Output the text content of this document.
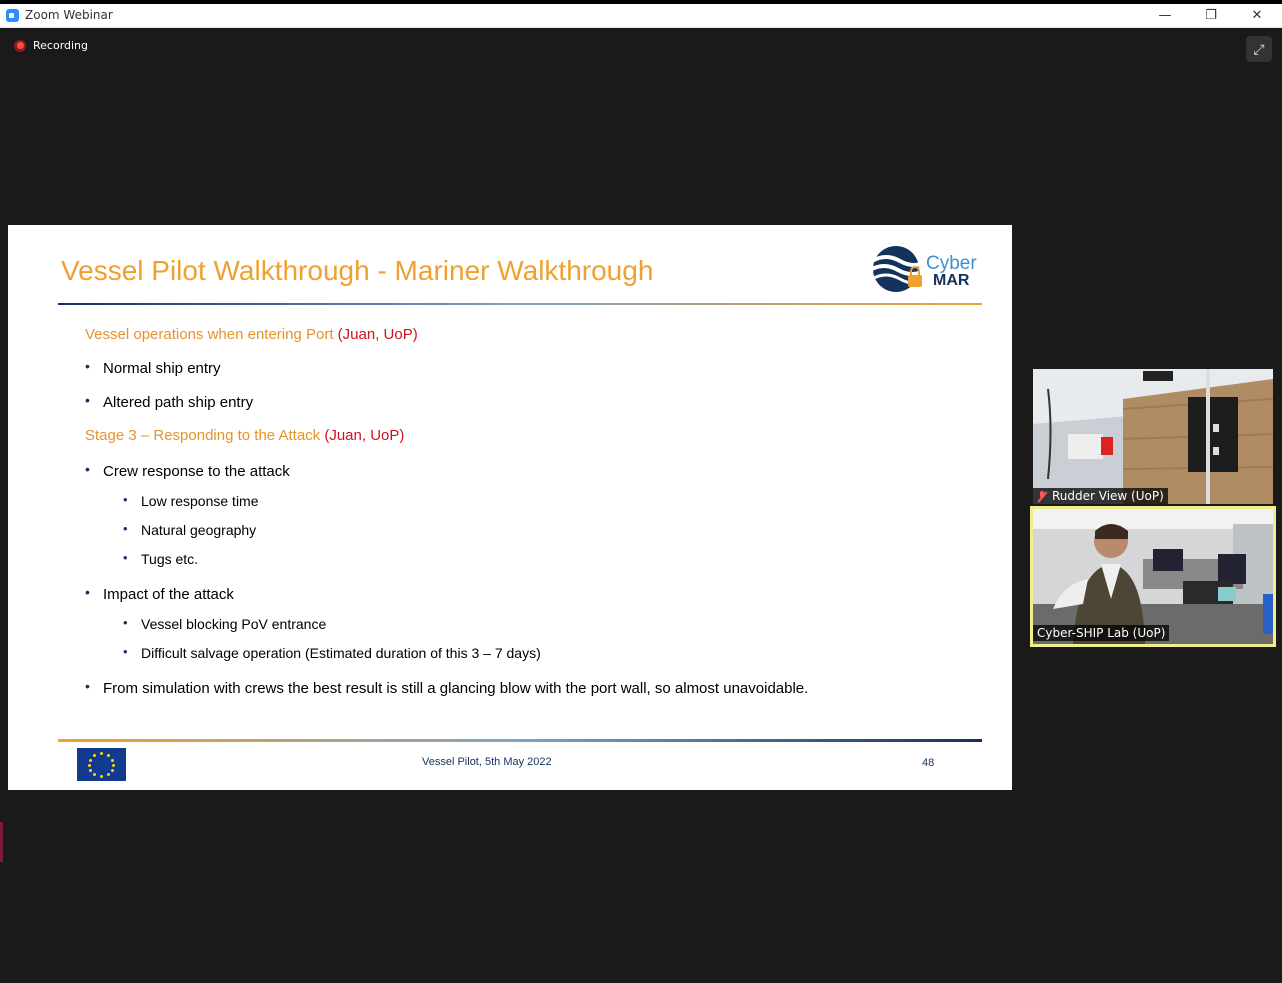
Zoom Webinar	—	❐	✕
Recording	⤢
Vessel Pilot Walkthrough - Mariner Walkthrough	Cyber
MAR
Vessel operations when entering Port (Juan, UoP)
• Normal ship entry
• Altered path ship entry
Stage 3 – Responding to the Attack (Juan, UoP)
• Crew response to the attack
• Low response time
• Natural geography
• Tugs etc.
• Impact of the attack
• Vessel blocking PoV entrance
• Difficult salvage operation (Estimated duration of this 3 – 7 days)
• From simulation with crews the best result is still a glancing blow with the port wall, so almost unavoidable.
Vessel Pilot, 5th May 2022	48
Rudder View (UoP)
Cyber-SHIP Lab (UoP)
